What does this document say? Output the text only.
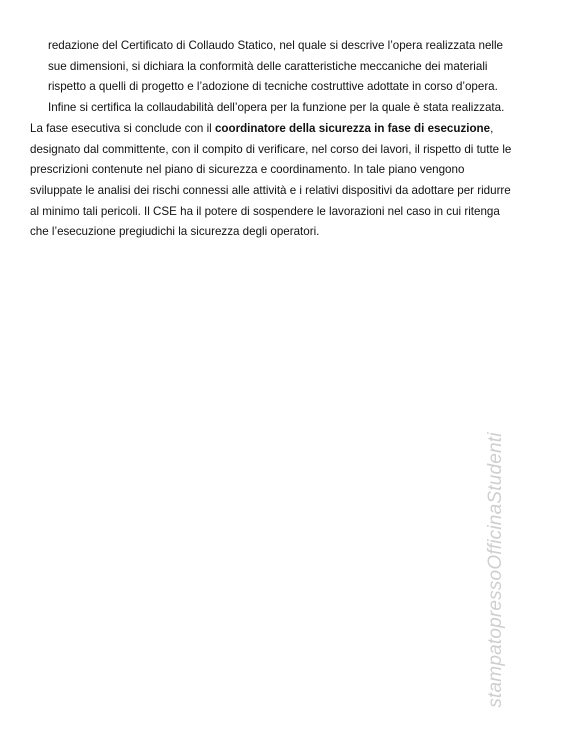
redazione del Certificato di Collaudo Statico, nel quale si descrive l’opera realizzata nelle
sue dimensioni, si dichiara la conformità delle caratteristiche meccaniche dei materiali
rispetto a quelli di progetto e l’adozione di tecniche costruttive adottate in corso d’opera.
Infine si certifica la collaudabilità dell’opera per la funzione per la quale è stata realizzata.
La fase esecutiva si conclude con il coordinatore della sicurezza in fase di esecuzione,
designato dal committente, con il compito di verificare, nel corso dei lavori, il rispetto di tutte le
prescrizioni contenute nel piano di sicurezza e coordinamento. In tale piano vengono
sviluppate le analisi dei rischi connessi alle attività e i relativi dispositivi da adottare per ridurre
al minimo tali pericoli. Il CSE ha il potere di sospendere le lavorazioni nel caso in cui ritenga
che l’esecuzione pregiudichi la sicurezza degli operatori.
stampatopressoOfficinaStudenti
